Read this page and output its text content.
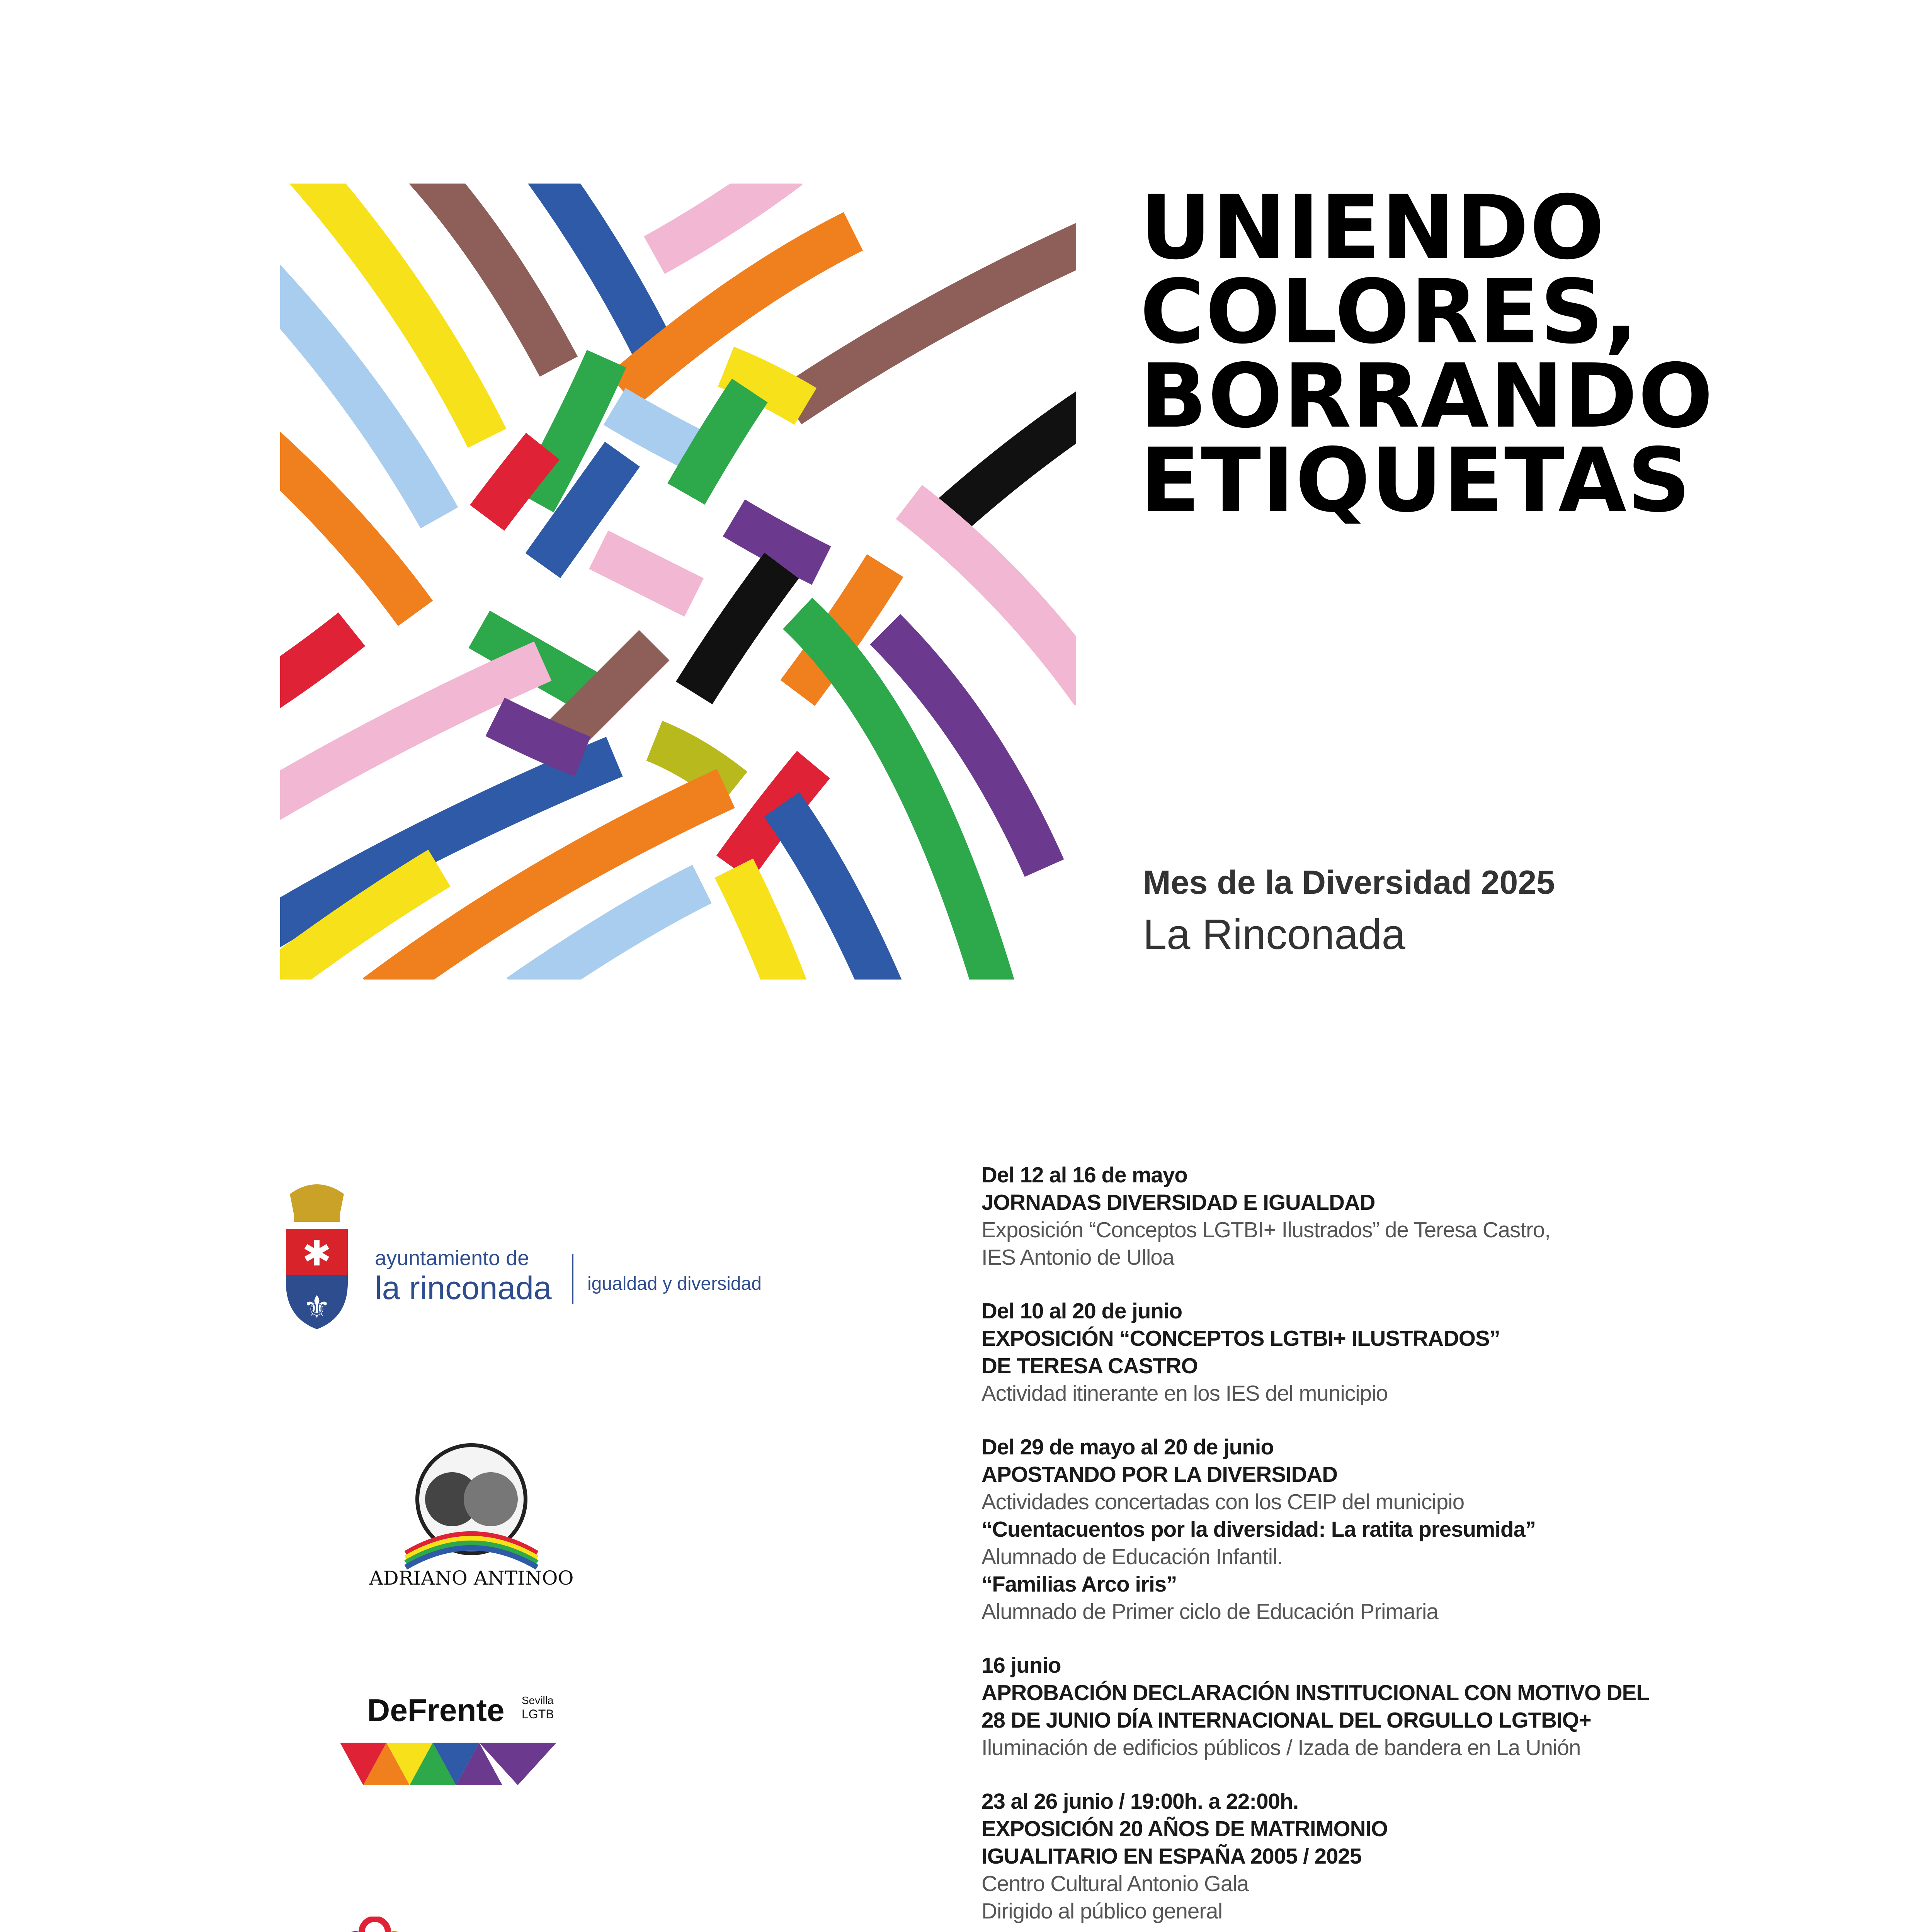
UNIENDO
COLORES,
BORRANDO
ETIQUETAS
Mes de la Diversidad 2025
La Rinconada
✱
⚜
ayuntamiento de
la rinconada igualdad y diversidad
ADRIANO ANTINOO
DeFrente Sevilla
LGTB

Del 12 al 16 de mayo

JORNADAS DIVERSIDAD E IGUALDAD

Exposición “Conceptos LGTBI+ Ilustrados” de Teresa Castro,

IES Antonio de Ulloa

Del 10 al 20 de junio

EXPOSICIÓN “CONCEPTOS LGTBI+ ILUSTRADOS”

DE TERESA CASTRO

Actividad itinerante en los IES del municipio

Del 29 de mayo al 20 de junio

APOSTANDO POR LA DIVERSIDAD

Actividades concertadas con los CEIP del municipio

“Cuentacuentos por la diversidad: La ratita presumida”

Alumnado de Educación Infantil.

“Familias Arco iris”

Alumnado de Primer ciclo de Educación Primaria

16 junio

APROBACIÓN DECLARACIÓN INSTITUCIONAL CON MOTIVO DEL

28 DE JUNIO DÍA INTERNACIONAL DEL ORGULLO LGTBIQ+

Iluminación de edificios públicos / Izada de bandera en La Unión

23 al 26 junio / 19:00h. a 22:00h.

EXPOSICIÓN 20 AÑOS DE MATRIMONIO

IGUALITARIO EN ESPAÑA 2005 / 2025

Centro Cultural Antonio Gala

Dirigido al público general
